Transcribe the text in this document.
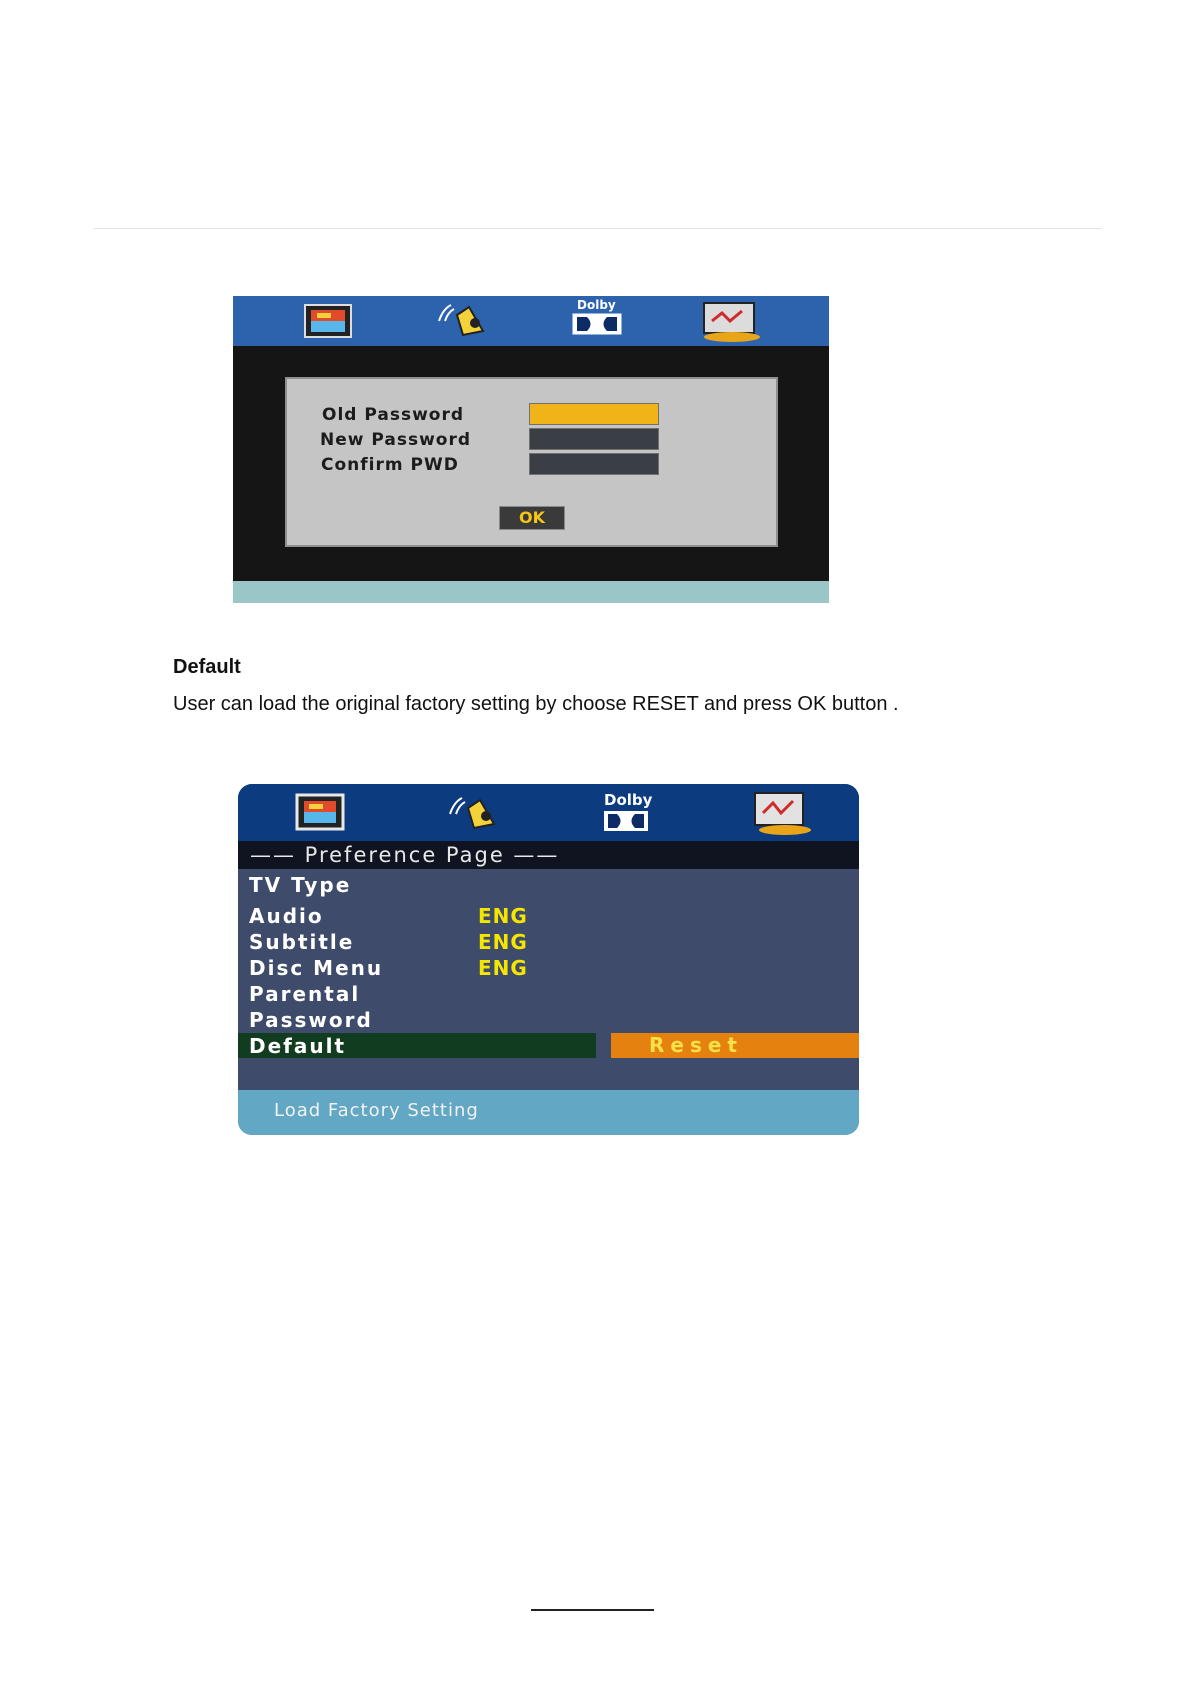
Dolby
Old Password
New Password
Confirm PWD
OK
Default
User can load the original factory setting by choose RESET and press OK button .
Dolby
—— Preference Page ——
TV Type
Audio	ENG
Subtitle	ENG
Disc Menu	ENG
Parental
Password
Default	Reset
Load Factory Setting
